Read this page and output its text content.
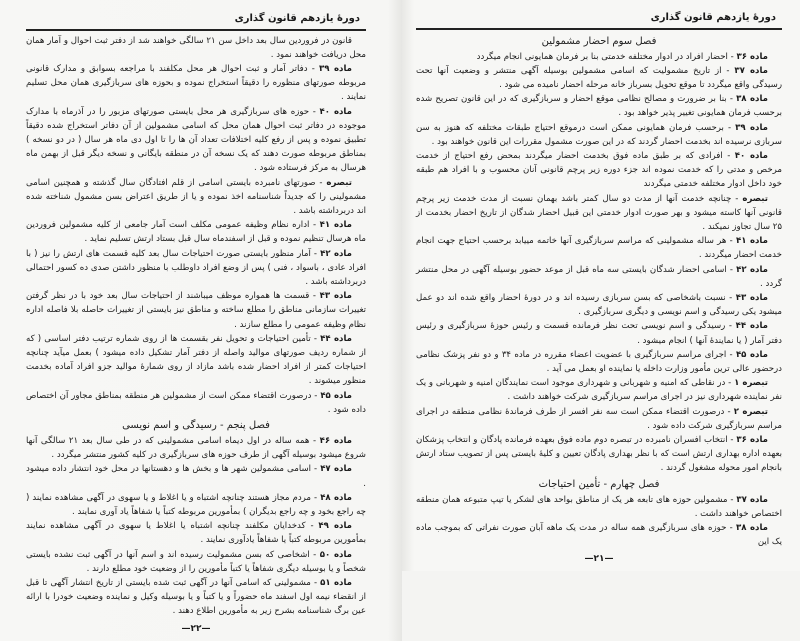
دورهٔ یازدهم قانون گذاری

قانون در فروردین سال بعد داخل سن ۲۱ سالگی خواهند شد از دفتر ثبت احوال و آمار همان محل دریافت خواهند نمود .

ماده ۳۹ - دفاتر آمار و ثبت احوال هر محل مکلفند با مراجعه بسوابق و مدارک قانونی مربوطه صورتهای منظوره را دقیقاً استخراج نموده و بحوزه های سربازگیری همان محل تسلیم نمایند .

ماده ۴۰ - حوزه های سربازگیری هر محل بایستی صورتهای مزبور را در آذرماه با مدارک موجوده در دفاتر ثبت احوال همان محل که اسامی مشمولین از آن دفاتر استخراج شده دقیقاً تطبیق نموده و پس از رفع کلیه اختلافات تعداد آن ها را تا اول دی ماه هر سال ( در دو نسخه ) بمناطق مربوطه صورت دهند که یک نسخه آن در منطقه بایگانی و نسخه دیگر قبل از بهمن ماه هرسال به مرکز فرستاده شود .

تبصره - صورتهای نامبرده بایستی اسامی از قلم افتادگان سال گذشته و همچنین اسامی مشمولینی را که جدیداً شناسنامه اخذ نموده و یا از طریق اعتراض بسن مشمول شناخته شده اند دربرداشته باشد .

ماده ۴۱ - اداره نظام وظیفه عمومی مکلف است آمار جامعی از کلیه مشمولین فروردین ماه هرسال تنظیم نموده و قبل از اسفندماه سال قبل بستاد ارتش تسلیم نماید .

ماده ۴۲ - آمار منظور بایستی صورت احتیاجات سال بعد کلیه قسمت های ارتش را نیز ( با افراد عادی ، باسواد ، فنی ) پس از وضع افراد داوطلب با منظور داشتن صدی ده کسور احتمالی دربرداشته باشد .

ماده ۴۳ - قسمت ها همواره موظف میباشند از احتیاجات سال بعد خود با در نظر گرفتن تغییرات سازمانی مناطق را مطلع ساخته و مناطق نیز بایستی از تغییرات حاصله بلا فاصله اداره نظام وظیفه عمومی را مطلع سازند .

ماده ۴۴ - تأمین احتیاجات و تحویل نفر بقسمت ها از روی شماره ترتیب دفتر اساسی ( که از شماره ردیف صورتهای موالید واصله از دفتر آمار تشکیل داده میشود ) بعمل میآید چنانچه احتیاجات کمتر از افراد احضار شده باشد مازاد از روی شمارهٔ موالید جزو افراد آماده بخدمت منظور میشوند .

ماده ۴۵ - درصورت اقتضاء ممکن است از مشمولین هر منطقه بمناطق مجاور آن اختصاص داده شود .

فصل پنجم - رسیدگی و اسم نویسی

ماده ۴۶ - همه ساله در اول دیماه اسامی مشمولینی که در طی سال بعد ۲۱ سالگی آنها شروع میشود بوسیله آگهی از طرف حوزه های سربازگیری در کلیه کشور منتشر میگردد .

ماده ۴۷ - اسامی مشمولین شهر ها و بخش ها و دهستانها در محل خود انتشار داده میشود .

ماده ۴۸ - مردم مجاز هستند چنانچه اشتباه و یا اغلاط و یا سهوی در آگهی مشاهده نمایند ( چه راجع بخود و چه راجع بدیگران ) بمأمورین مربوطه کتباً یا شفاهاً یاد آوری نمایند .

ماده ۴۹ - کدخدایان مکلفند چنانچه اشتباه یا اغلاط یا سهوی در آگهی مشاهده نمایند بمأمورین مربوطه کتباً یا شفاهاً یادآوری نمایند .

ماده ۵۰ - اشخاصی که بسن مشمولیت رسیده اند و اسم آنها در آگهی ثبت نشده بایستی شخصاً و یا بوسیله دیگری شفاهاً یا کتباً مأمورین را از وضعیت خود مطلع دارند .

ماده ۵۱ - مشمولینی که اسامی آنها در آگهی ثبت شده بایستی از تاریخ انتشار آگهی تا قبل از انقضاء نیمه اول اسفند ماه حضوراً و یا کتباً و یا بوسیله وکیل و نماینده وضعیت خودرا با ارائه عین برگ شناسنامه بشرح زیر به مأمورین اطلاع دهند .

—۲۲—
دورهٔ یازدهم قانون گذاری
فصل سوم احضار مشمولین

ماده ۳۶ - احضار افراد در ادوار مختلفه خدمتی بنا بر فرمان همایونی انجام میگردد

ماده ۳۷ - از تاریخ مشمولیت که اسامی مشمولین بوسیله آگهی منتشر و وضعیت آنها تحت رسیدگی واقع میگردد تا موقع تحویل بسرباز خانه مرحله احضار نامیده می شود .

ماده ۳۸ - بنا بر ضرورت و مصالح نظامی موقع احضار و سربازگیری که در این قانون تصریح شده برحسب فرمان همایونی تغییر پذیر خواهد بود .

ماده ۳۹ - برحسب فرمان همایونی ممکن است درموقع احتیاج طبقات مختلفه که هنوز به سن سربازی نرسیده اند بخدمت احضار گردند که در این صورت مشمول مقررات این قانون خواهند بود .

ماده ۴۰ - افرادی که بر طبق ماده فوق بخدمت احضار میگردند بمحض رفع احتیاج از خدمت مرخص و مدتی را که خدمت نموده اند جزء دوره زیر پرچم قانونی آنان محسوب و با افراد هم طبقه خود داخل ادوار مختلفه خدمتی میگردند

تبصره - چنانچه خدمت آنها از مدت دو سال کمتر باشد بهمان نسبت از مدت خدمت زیر پرچم قانونی آنها کاسته میشود و بهر صورت ادوار خدمتی این قبیل احضار شدگان از تاریخ احضار بخدمت از ۲۵ سال تجاوز نمیکند .

ماده ۴۱ - هر ساله مشمولینی که مراسم سربازگیری آنها خاتمه مییابد برحسب احتیاج جهت انجام خدمت احضار میگردند .

ماده ۴۲ - اسامی احضار شدگان بایستی سه ماه قبل از موعد حضور بوسیله آگهی در محل منتشر گردد .

ماده ۴۳ - نسبت باشخاصی که بسن سربازی رسیده اند و در دورهٔ احضار واقع شده اند دو عمل میشود یکی رسیدگی و اسم نویسی و دیگری سربازگیری .

ماده ۴۴ - رسیدگی و اسم نویسی تحت نظر فرمانده قسمت و رئیس حوزهٔ سربازگیری و رئیس دفتر آمار ( یا نمایندهٔ آنها ) انجام میشود .

ماده ۴۵ - اجرای مراسم سربازگیری با عضویت اعضاء مقرره در ماده ۳۴ و دو نفر پزشک نظامی درحضور عالی ترین مأمور وزارت داخله یا نماینده او بعمل می آید .

تبصره ۱ - در نقاطی که امنیه و شهربانی و شهرداری موجود است نمایندگان امنیه و شهربانی و یک نفر نماینده شهرداری نیز در اجرای مراسم سربازگیری شرکت خواهند داشت .

تبصره ۲ - درصورت اقتضاء ممکن است سه نفر افسر از طرف فرماندهٔ نظامی منطقه در اجرای مراسم سربازگیری شرکت داده شود .

ماده ۳۶ - انتخاب افسران نامبرده در تبصره دوم ماده فوق بعهده فرمانده پادگان و انتخاب پزشکان بعهده اداره بهداری ارتش است که با نظر بهداری پادگان تعیین و کلیهٔ بایستی پس از تصویب ستاد ارتش بانجام امور محوله مشغول گردند .

فصل چهارم - تأمین احتیاجات

ماده ۳۷ - مشمولین حوزه های تابعه هر یک از مناطق بواحد های لشکر یا تیپ متبوعه همان منطقه اختصاص خواهند داشت .

ماده ۳۸ - حوزه های سربازگیری همه ساله در مدت یک ماهه آبان صورت نفراتی که بموجب ماده یک این

—۲۱—
